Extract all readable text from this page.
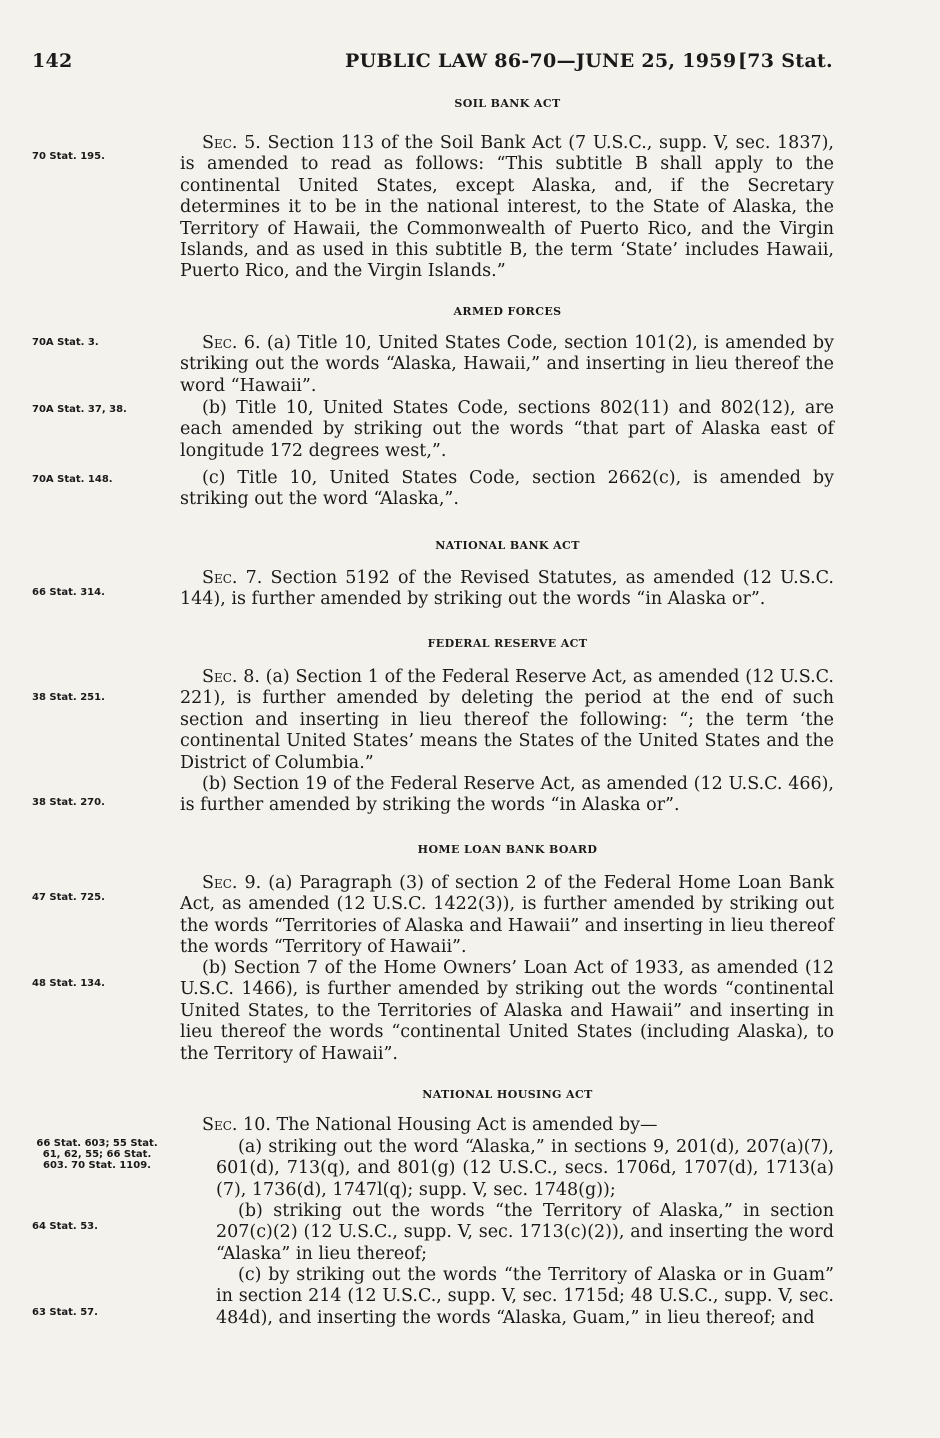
142	PUBLIC LAW 86-70—JUNE 25, 1959 [73 Stat.
SOIL BANK ACT
70 Stat. 195.
Sec. 5. Section 113 of the Soil Bank Act (7 U.S.C., supp. V, sec. 1837), is amended to read as follows: “This subtitle B shall apply to the continental United States, except Alaska, and, if the Secretary determines it to be in the national interest, to the State of Alaska, the Territory of Hawaii, the Commonwealth of Puerto Rico, and the Virgin Islands, and as used in this subtitle B, the term ‘State’ includes Hawaii, Puerto Rico, and the Virgin Islands.”
ARMED FORCES
70A Stat. 3.	Sec. 6. (a) Title 10, United States Code, section 101(2), is amended by striking out the words “Alaska, Hawaii,” and inserting in lieu thereof the word “Hawaii”.
70A Stat. 37, 38.	(b) Title 10, United States Code, sections 802(11) and 802(12), are each amended by striking out the words “that part of Alaska east of longitude 172 degrees west,”.
70A Stat. 148.	(c) Title 10, United States Code, section 2662(c), is amended by striking out the word “Alaska,”.
NATIONAL BANK ACT
66 Stat. 314.
Sec. 7. Section 5192 of the Revised Statutes, as amended (12 U.S.C. 144), is further amended by striking out the words “in Alaska or”.
FEDERAL RESERVE ACT
38 Stat. 251.
Sec. 8. (a) Section 1 of the Federal Reserve Act, as amended (12 U.S.C. 221), is further amended by deleting the period at the end of such section and inserting in lieu thereof the following: “; the term ‘the continental United States’ means the States of the United States and the District of Columbia.”
38 Stat. 270.
(b) Section 19 of the Federal Reserve Act, as amended (12 U.S.C. 466), is further amended by striking the words “in Alaska or”.
HOME LOAN BANK BOARD
47 Stat. 725.
Sec. 9. (a) Paragraph (3) of section 2 of the Federal Home Loan Bank Act, as amended (12 U.S.C. 1422(3)), is further amended by striking out the words “Territories of Alaska and Hawaii” and inserting in lieu thereof the words “Territory of Hawaii”.
48 Stat. 134.
(b) Section 7 of the Home Owners’ Loan Act of 1933, as amended (12 U.S.C. 1466), is further amended by striking out the words “continental United States, to the Territories of Alaska and Hawaii” and inserting in lieu thereof the words “continental United States (including Alaska), to the Territory of Hawaii”.
NATIONAL HOUSING ACT
Sec. 10. The National Housing Act is amended by—
66 Stat. 603; 55 Stat. 61, 62, 55; 66 Stat. 603. 70 Stat. 1109.
(a) striking out the word “Alaska,” in sections 9, 201(d), 207(a)(7), 601(d), 713(q), and 801(g) (12 U.S.C., secs. 1706d, 1707(d), 1713(a)(7), 1736(d), 1747l(q); supp. V, sec. 1748(g));
64 Stat. 53.
(b) striking out the words “the Territory of Alaska,” in section 207(c)(2) (12 U.S.C., supp. V, sec. 1713(c)(2)), and inserting the word “Alaska” in lieu thereof;
63 Stat. 57.
(c) by striking out the words “the Territory of Alaska or in Guam” in section 214 (12 U.S.C., supp. V, sec. 1715d; 48 U.S.C., supp. V, sec. 484d), and inserting the words “Alaska, Guam,” in lieu thereof; and
